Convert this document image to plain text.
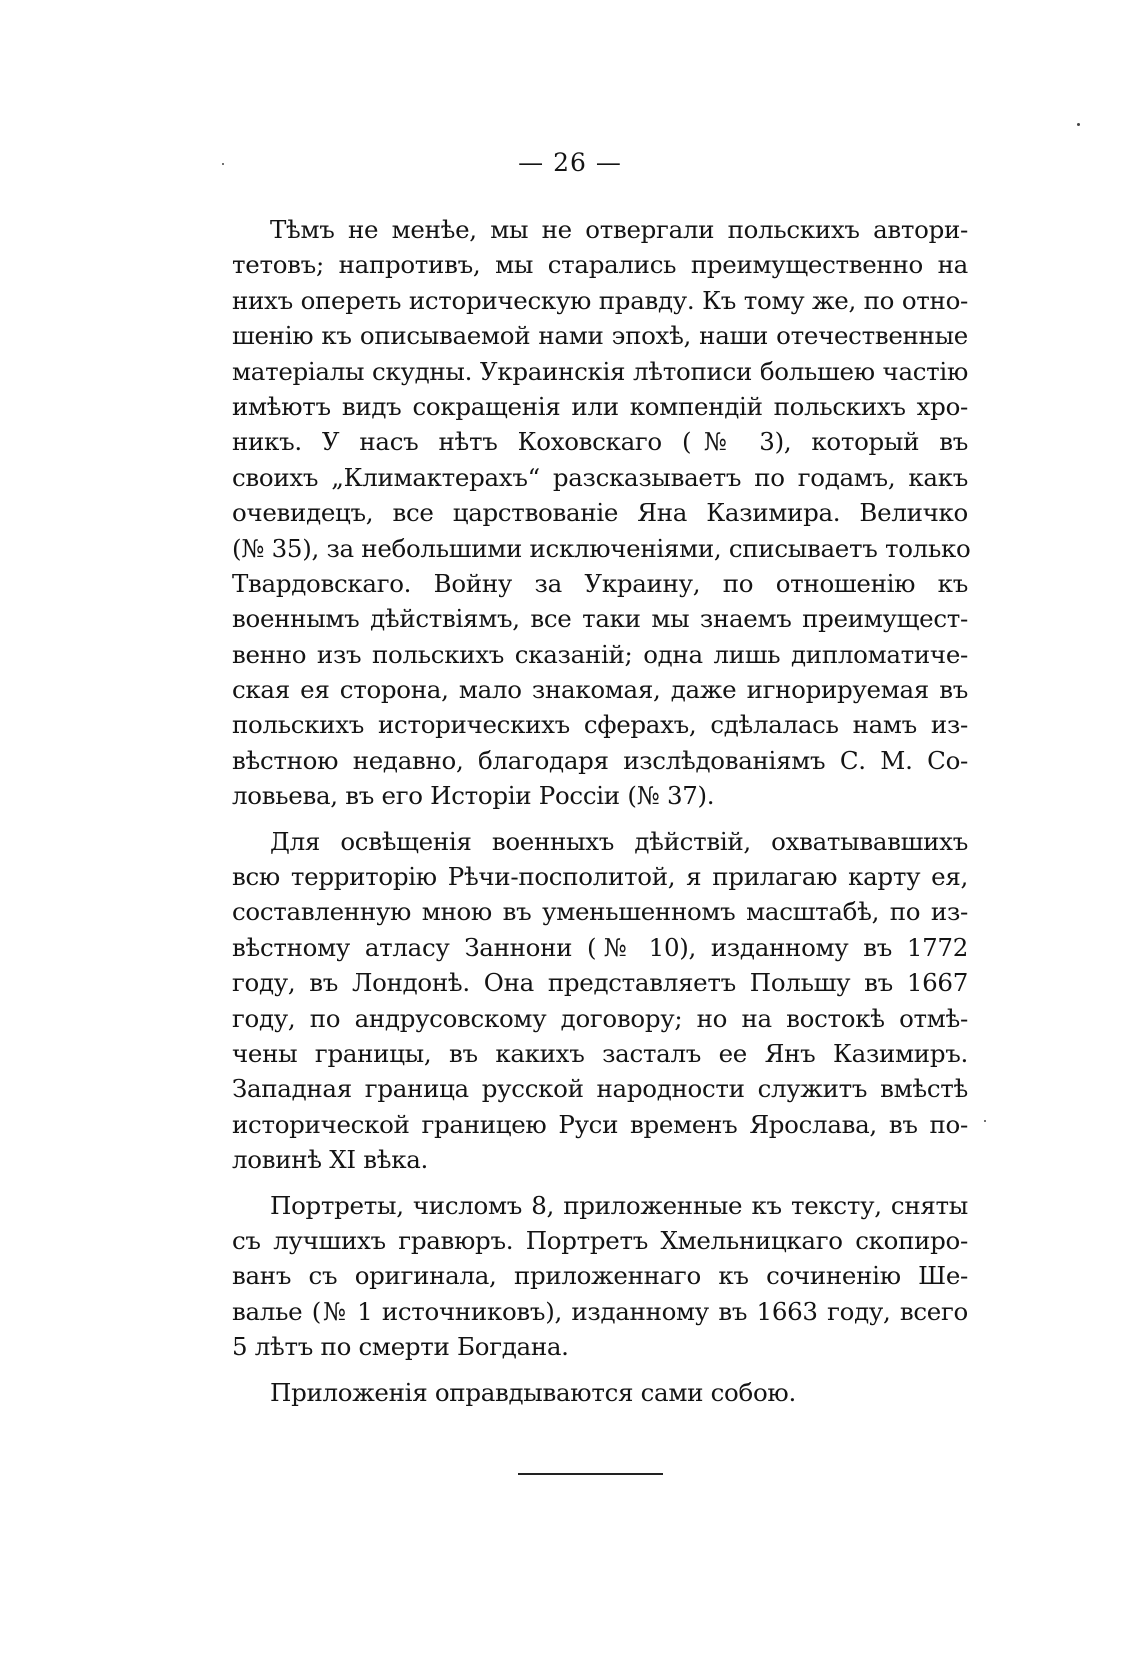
— 26 —
Тѣмъ не менѣе, мы не отвергали польскихъ автори-
тетовъ; напротивъ, мы старались преимущественно на
нихъ опереть историческую правду. Къ тому же, по отно-
шенію къ описываемой нами эпохѣ, наши отечественные
матеріалы скудны. Украинскія лѣтописи большею частію
имѣютъ видъ сокращенія или компендій польскихъ хро-
никъ. У насъ нѣтъ Коховскаго (№ 3), который въ
своихъ „Климактерахъ“ разсказываетъ по годамъ, какъ
очевидецъ, все царствованіе Яна Казимира. Величко
(№ 35), за небольшими исключеніями, списываетъ только
Твардовскаго. Войну за Украину, по отношенію къ
военнымъ дѣйствіямъ, все таки мы знаемъ преимущест-
венно изъ польскихъ сказаній; одна лишь дипломатиче-
ская ея сторона, мало знакомая, даже игнорируемая въ
польскихъ историческихъ сферахъ, сдѣлалась намъ из-
вѣстною недавно, благодаря изслѣдованіямъ С. М. Со-
ловьева, въ его Исторіи Россіи (№ 37).
Для освѣщенія военныхъ дѣйствій, охватывавшихъ
всю территорію Рѣчи-посполитой, я прилагаю карту ея,
составленную мною въ уменьшенномъ масштабѣ, по из-
вѣстному атласу Заннони (№ 10), изданному въ 1772
году, въ Лондонѣ. Она представляетъ Польшу въ 1667
году, по андрусовскому договору; но на востокѣ отмѣ-
чены границы, въ какихъ засталъ ее Янъ Казимиръ.
Западная граница русской народности служитъ вмѣстѣ
исторической границею Руси временъ Ярослава, въ по-
ловинѣ XI вѣка.
Портреты, числомъ 8, приложенные къ тексту, сняты
съ лучшихъ гравюръ. Портретъ Хмельницкаго скопиро-
ванъ съ оригинала, приложеннаго къ сочиненію Ше-
валье (№ 1 источниковъ), изданному въ 1663 году, всего
5 лѣтъ по смерти Богдана.
Приложенія оправдываются сами собою.
